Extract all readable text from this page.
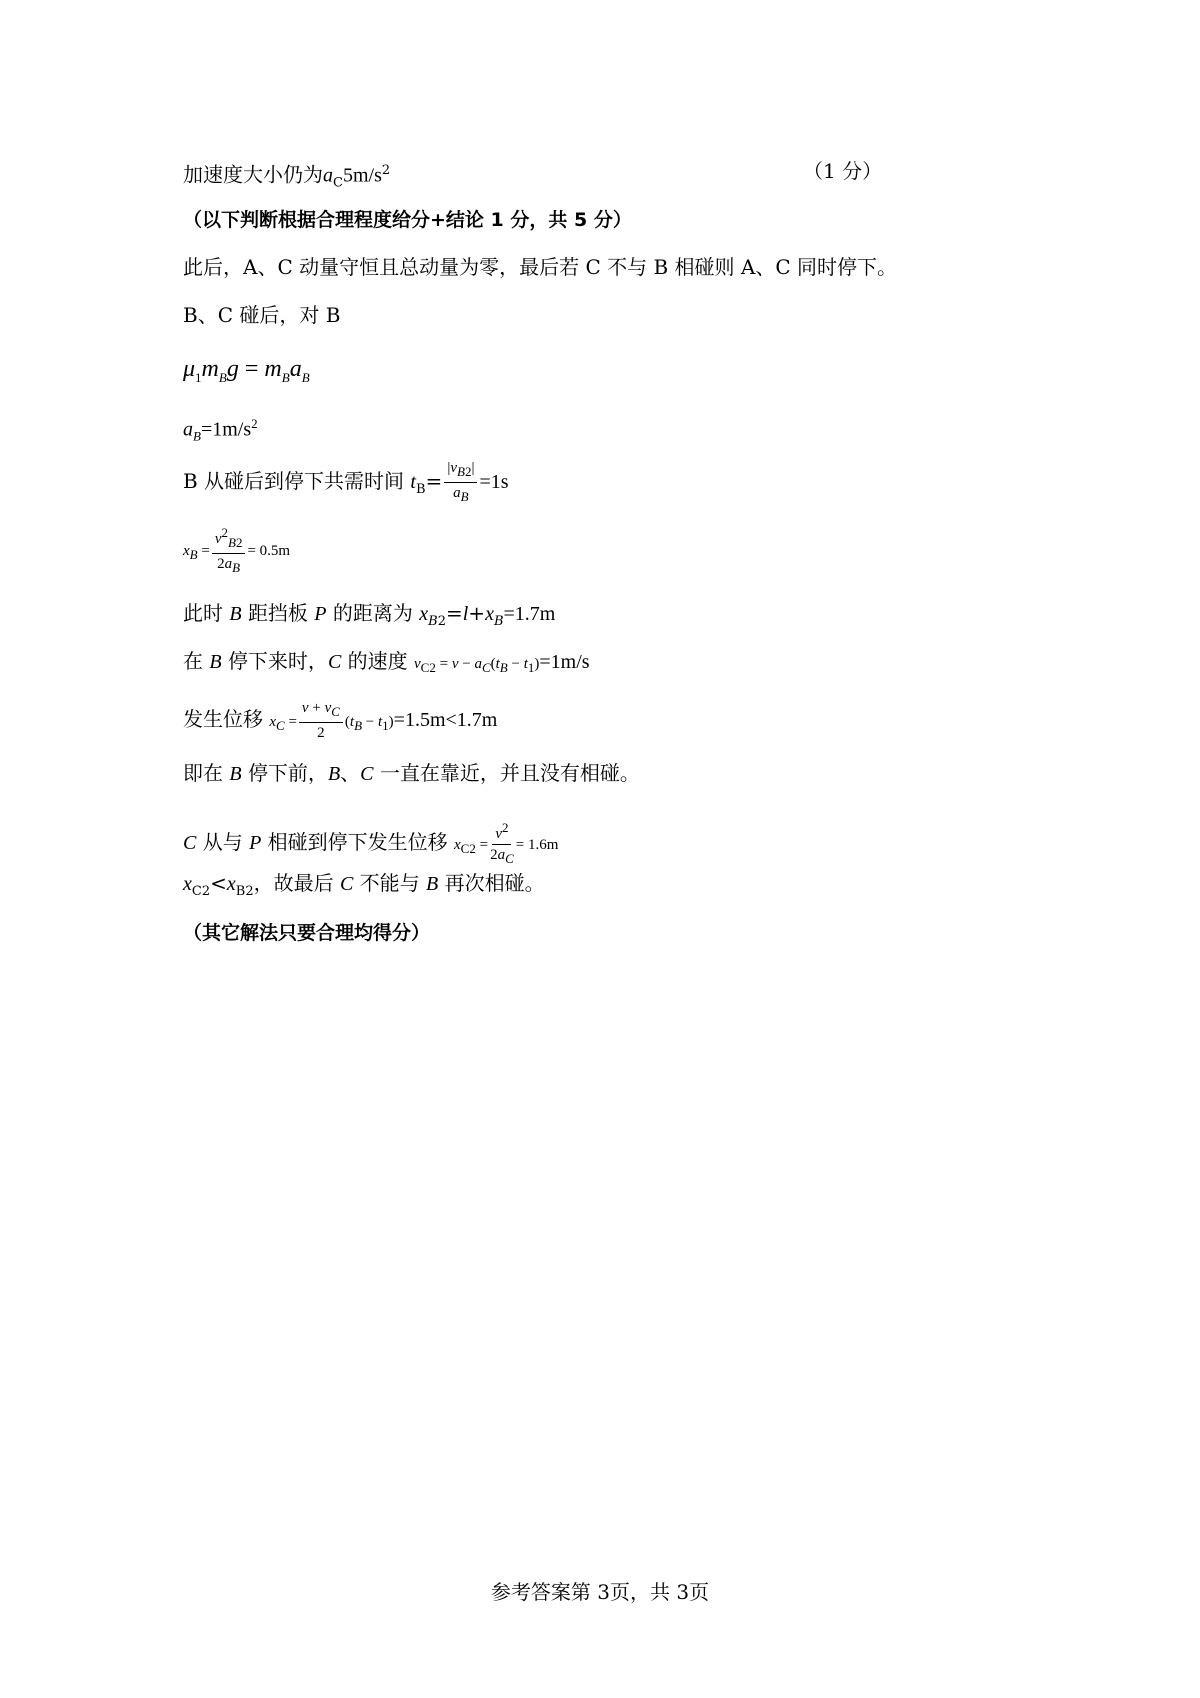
加速度大小仍为$a_C5m/s^2$	（1 分）
（以下判断根据合理程度给分+结论 1 分，共 5 分）
此后，A、C 动量守恒且总动量为零，最后若 C 不与 B 相碰则 A、C 同时停下。
B、C 碰后，对 B
$\mu_1m_Bg = m_Ba_B$
$a_B=1m/s^2$
B 从碰后到停下共需时间 $t_B= \frac{|v_{B2}|}{a_B} =1s$
$x_B = \frac{v^2_{B2}}{2a_B} = 0.5m$
此时 B 距挡板 P 的距离为 $x_{B2}=l+x_B=1.7m$
在 B 停下来时，C 的速度 $v_{C2} = v - a_C(t_B - t_1)=1m/s$
发生位移 $x_C = \frac{v + v_C}{2} (t_B - t_1)=1.5m<1.7m$
即在 B 停下前，B、C 一直在靠近，并且没有相碰。
C 从与 P 相碰到停下发生位移 $x_{C2} = \frac{v^2}{2a_C} = 1.6m$
$x_{C2}<x_{B2}$，故最后 C 不能与 B 再次相碰。
（其它解法只要合理均得分）
参考答案第 3页，共 3页
